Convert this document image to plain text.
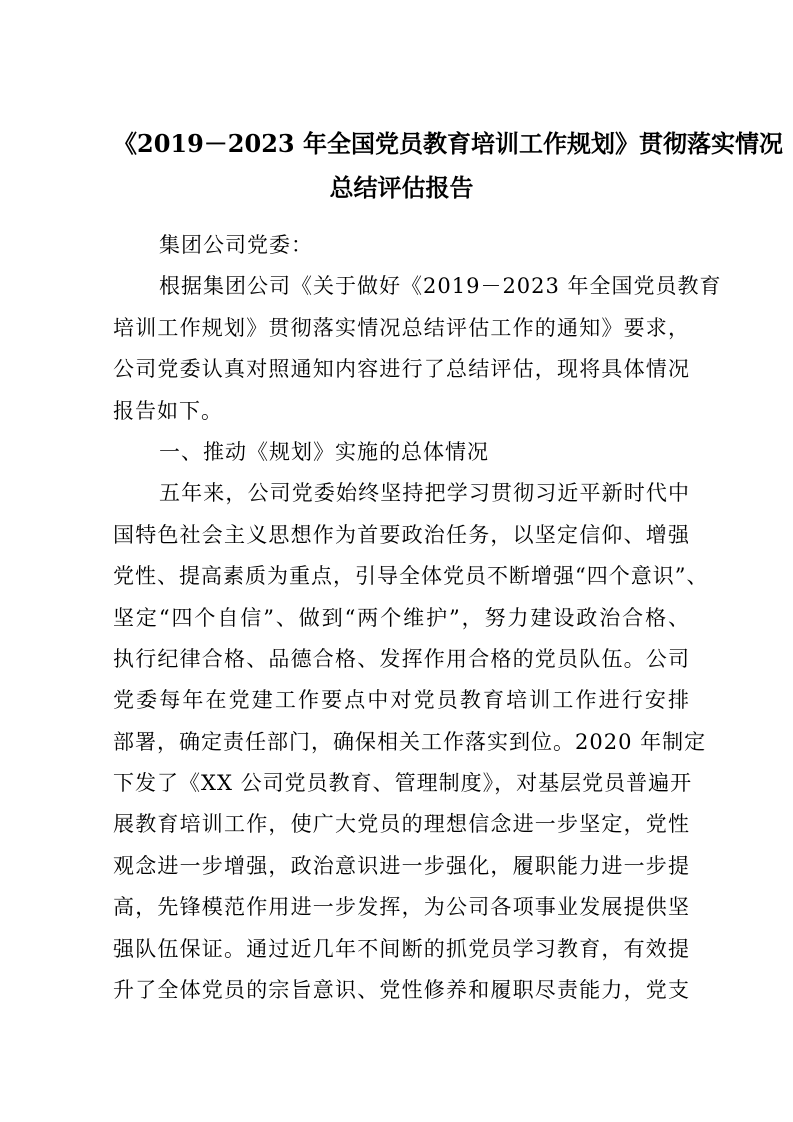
《2019－2023 年全国党员教育培训工作规划》贯彻落实情况
总结评估报告
集团公司党委：
根据集团公司《关于做好《2019－2023 年全国党员教育
培训工作规划》贯彻落实情况总结评估工作的通知》要求，
公司党委认真对照通知内容进行了总结评估，现将具体情况
报告如下。
一、推动《规划》实施的总体情况
五年来，公司党委始终坚持把学习贯彻习近平新时代中
国特色社会主义思想作为首要政治任务，以坚定信仰、增强
党性、提高素质为重点，引导全体党员不断增强“四个意识”、
坚定“四个自信”、做到“两个维护”，努力建设政治合格、
执行纪律合格、品德合格、发挥作用合格的党员队伍。公司
党委每年在党建工作要点中对党员教育培训工作进行安排
部署，确定责任部门，确保相关工作落实到位。2020 年制定
下发了《XX 公司党员教育、管理制度》，对基层党员普遍开
展教育培训工作，使广大党员的理想信念进一步坚定，党性
观念进一步增强，政治意识进一步强化，履职能力进一步提
高，先锋模范作用进一步发挥，为公司各项事业发展提供坚
强队伍保证。通过近几年不间断的抓党员学习教育，有效提
升了全体党员的宗旨意识、党性修养和履职尽责能力，党支
